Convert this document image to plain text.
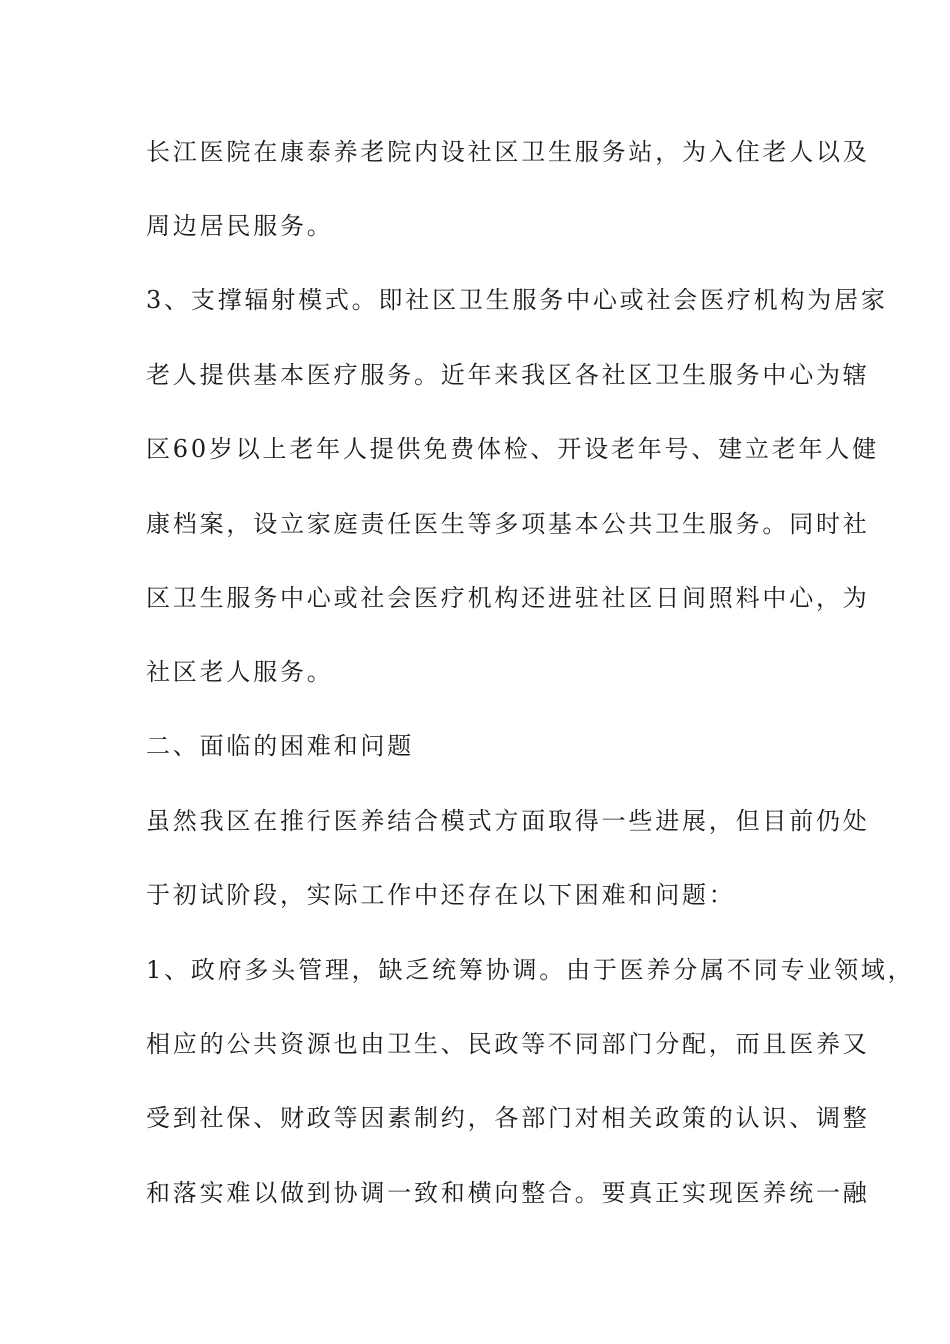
长江医院在康泰养老院内设社区卫生服务站，为入住老人以及
周边居民服务。
3、支撑辐射模式。即社区卫生服务中心或社会医疗机构为居家
老人提供基本医疗服务。近年来我区各社区卫生服务中心为辖
区60岁以上老年人提供免费体检、开设老年号、建立老年人健
康档案，设立家庭责任医生等多项基本公共卫生服务。同时社
区卫生服务中心或社会医疗机构还进驻社区日间照料中心，为
社区老人服务。
二、面临的困难和问题
虽然我区在推行医养结合模式方面取得一些进展，但目前仍处
于初试阶段，实际工作中还存在以下困难和问题：
1、政府多头管理，缺乏统筹协调。由于医养分属不同专业领域，
相应的公共资源也由卫生、民政等不同部门分配，而且医养又
受到社保、财政等因素制约，各部门对相关政策的认识、调整
和落实难以做到协调一致和横向整合。要真正实现医养统一融
